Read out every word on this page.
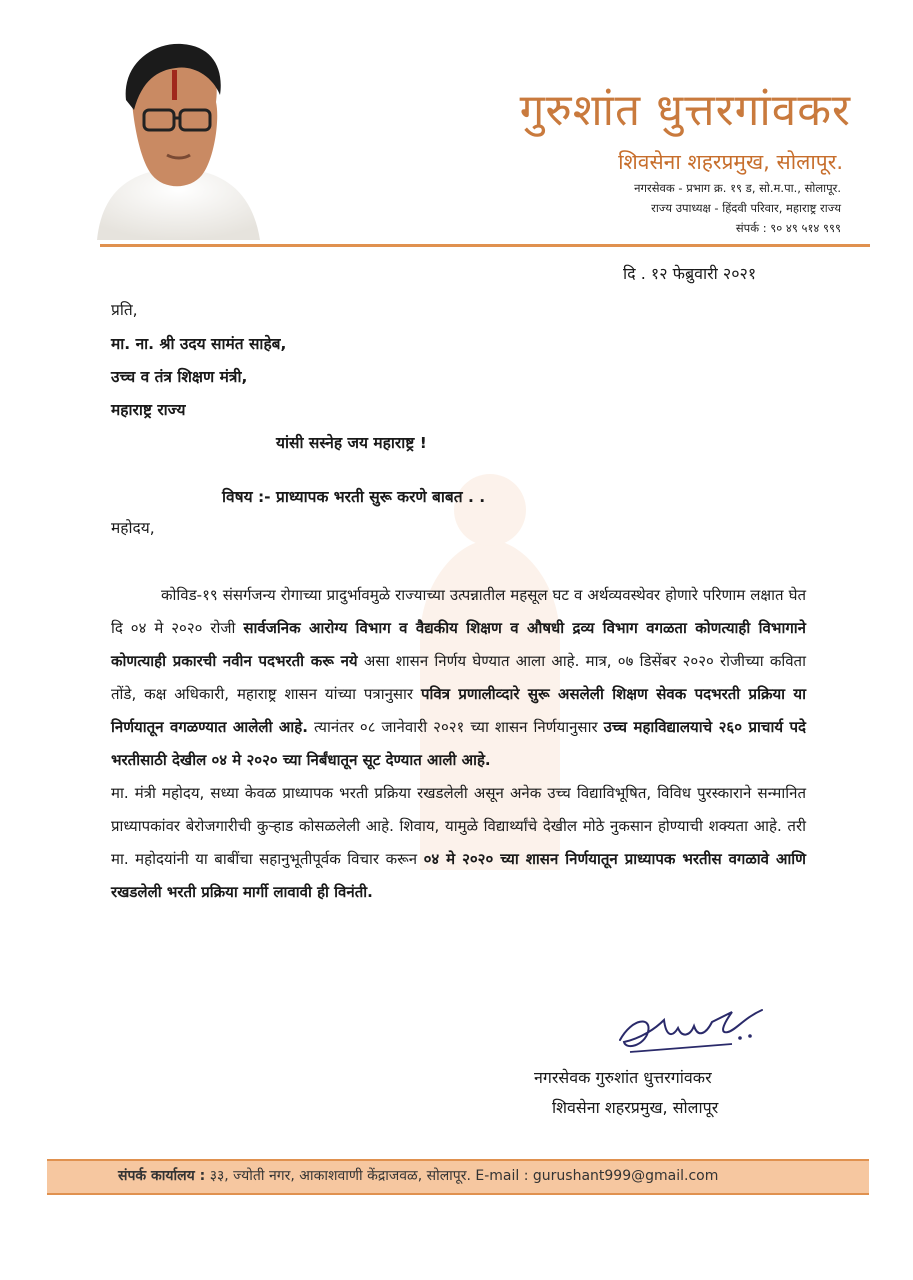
गुरुशांत धुत्तरगांवकर
शिवसेना शहरप्रमुख, सोलापूर.
नगरसेवक - प्रभाग क्र. १९ ड, सो.म.पा., सोलापूर.
राज्य उपाध्यक्ष - हिंदवी परिवार, महाराष्ट्र राज्य
संपर्क : ९० ४९ ५१४ ९९९
दि . १२ फेब्रुवारी २०२१
प्रति,
मा. ना. श्री उदय सामंत साहेब,
उच्च व तंत्र शिक्षण मंत्री,
महाराष्ट्र राज्य
यांसी सस्नेह जय महाराष्ट्र !
विषय :- प्राध्यापक भरती सुरू करणे बाबत . .
महोदय,

कोविड-१९ संसर्गजन्य रोगाच्या प्रादुर्भावमुळे राज्याच्या उत्पन्नातील महसूल घट व अर्थव्यवस्थेवर होणारे परिणाम लक्षात घेत दि ०४ मे २०२० रोजी सार्वजनिक आरोग्य विभाग व वैद्यकीय शिक्षण व औषधी द्रव्य विभाग वगळता कोणत्याही विभागाने कोणत्याही प्रकारची नवीन पदभरती करू नये असा शासन निर्णय घेण्यात आला आहे. मात्र, ०७ डिसेंबर २०२० रोजीच्या कविता तोंडे, कक्ष अधिकारी, महाराष्ट्र शासन यांच्या पत्रानुसार पवित्र प्रणालीव्दारे सुरू असलेली शिक्षण सेवक पदभरती प्रक्रिया या निर्णयातून वगळण्यात आलेली आहे. त्यानंतर ०८ जानेवारी २०२१ च्या शासन निर्णयानुसार उच्च महाविद्यालयाचे २६० प्राचार्य पदे भरतीसाठी देखील ०४ मे २०२० च्या निर्बंधातून सूट देण्यात आली आहे.

मा. मंत्री महोदय, सध्या केवळ प्राध्यापक भरती प्रक्रिया रखडलेली असून अनेक उच्च विद्याविभूषित, विविध पुरस्काराने सन्मानित प्राध्यापकांवर बेरोजगारीची कुऱ्हाड कोसळलेली आहे. शिवाय, यामुळे विद्यार्थ्यांचे देखील मोठे नुकसान होण्याची शक्यता आहे. तरी मा. महोदयांनी या बाबींचा सहानुभूतीपूर्वक विचार करून ०४ मे २०२० च्या शासन निर्णयातून प्राध्यापक भरतीस वगळावे आणि रखडलेली भरती प्रक्रिया मार्गी लावावी ही विनंती.

नगरसेवक गुरुशांत धुत्तरगांवकर
शिवसेना शहरप्रमुख, सोलापूर
संपर्क कार्यालय : ३३, ज्योती नगर, आकाशवाणी केंद्राजवळ, सोलापूर. E-mail : gurushant999@gmail.com
